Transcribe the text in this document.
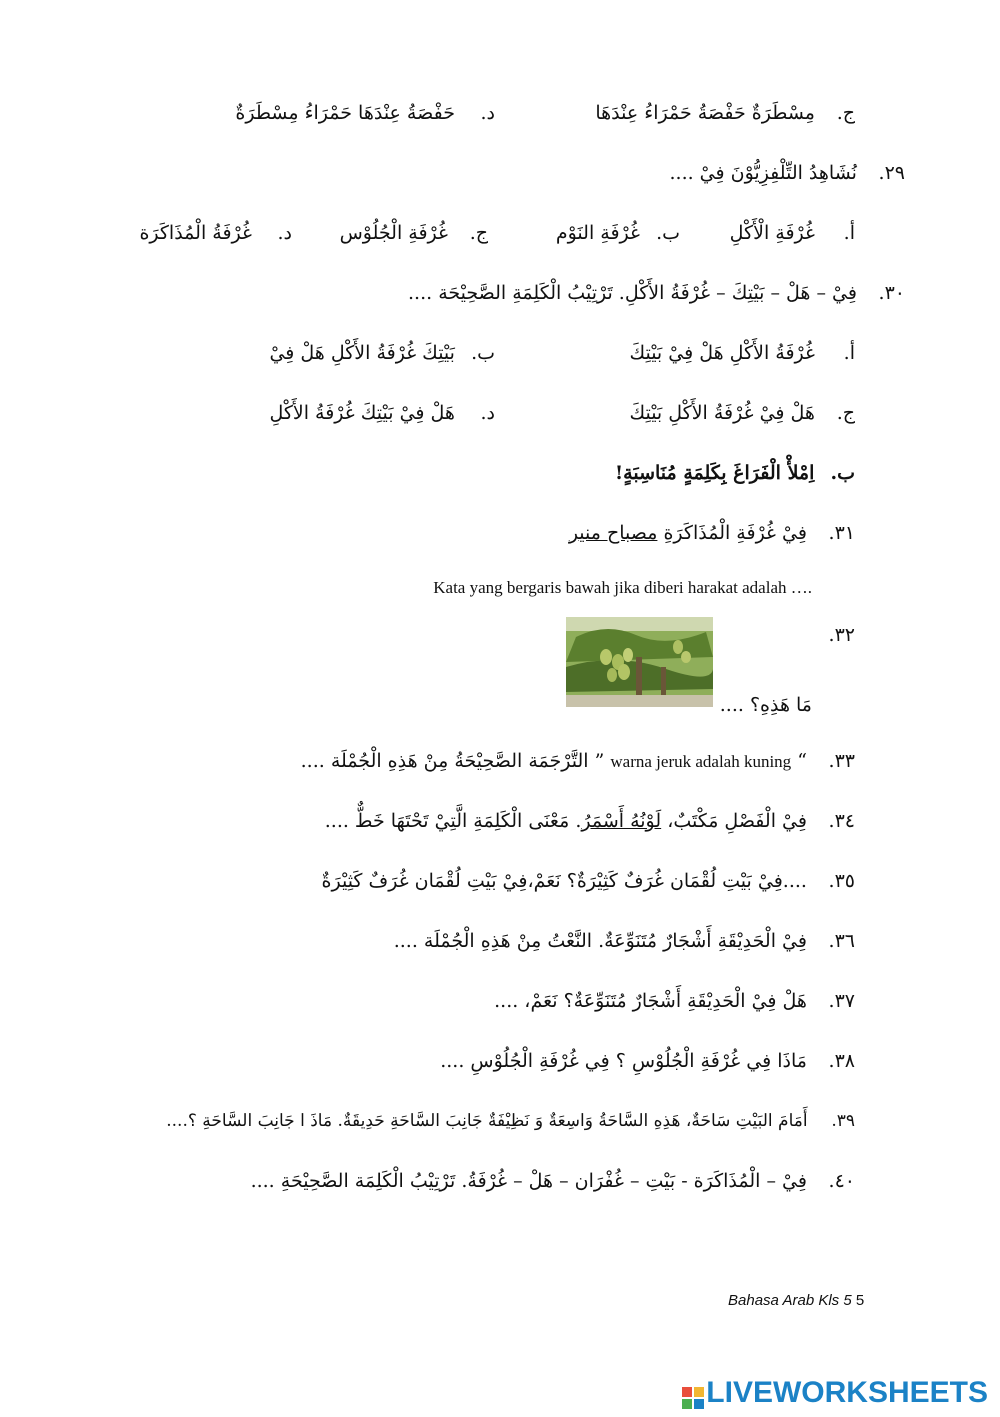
ج. مِسْطَرَةٌ حَفْصَةُ حَمْرَاءُ عِنْدَهَا
د. حَفْصَةُ عِنْدَهَا حَمْرَاءُ مِسْطَرَةٌ
٢٩. نُشَاهِدُ التِّلْفِزِيُّوْنَ فِيْ ....
أ. غُرْفَةِ الْأَكْلِ
ب. غُرْفَةِ النَوْم
ج. غُرْفَةِ الْجُلُوْس
د. غُرْفَةُ الْمُذَاكَرَة
٣٠. فِيْ – هَلْ – بَيْتِكَ – غُرْفَةُ الأَكْلِ. تَرْتِيْبُ الْكَلِمَةِ الصَّحِيْحَة ....
أ. غُرْفَةُ الأَكْلِ هَلْ فِيْ بَيْتِكَ
ب. بَيْتِكَ غُرْفَةُ الأَكْلِ هَلْ فِيْ
ج. هَلْ فِيْ غُرْفَةُ الأَكْلِ بَيْتِكَ
د. هَلْ فِيْ بَيْتِكَ غُرْفَةُ الأَكْلِ
ب. اِمْلأْ الْفَرَاغَ بِكَلِمَةٍ مُنَاسِبَةٍ!
٣١. فِيْ غُرْفَةِ الْمُذَاكَرَةِ مصباح منير
Kata yang bergaris bawah jika diberi harakat adalah ….
٣٢.
مَا هَذِهِ؟ ....
٣٣. “ warna jeruk adalah kuning ” التَّرْجَمَة الصَّحِيْحَةُ مِنْ هَذِهِ الْجُمْلَة ....
٣٤. فِيْ الْفَصْلِ مَكْتَبٌ، لَوْنُهُ أَسْمَرُ. مَعْنَى الْكَلِمَةِ الَّتِيْ تَحْتَهَا خَطٌّ ....
٣٥. ....فِيْ بَيْتِ لُقْمَان غُرَفٌ كَثِيْرَةٌ؟ نَعَمْ،فِيْ بَيْتِ لُقْمَان غُرَفٌ كَثِيْرَةٌ
٣٦. فِيْ الْحَدِيْقَةِ أَشْجَارٌ مُتَنَوِّعَةٌ. النَّعْتُ مِنْ هَذِهِ الْجُمْلَة ....
٣٧. هَلْ فِيْ الْحَدِيْقَةِ أَشْجَارٌ مُتَنَوِّعَةٌ؟ نَعَمْ، ....
٣٨. مَاذَا فِي غُرْفَةِ الْجُلُوْسِ ؟ فِي غُرْفَةِ الْجُلُوْسِ ....
٣٩. أَمَامَ البَيْتِ سَاحَةٌ، هَذِهِ السَّاحَةُ وَاسِعَةٌ وَ نَظِيْفَةٌ جَانِبَ السَّاحَةِ حَدِيقَةٌ. مَاذَ ا جَانِبَ السَّاحَةِ ؟....
٤٠. فِيْ – الْمُذَاكَرَة - بَيْتِ – غُفْرَان – هَلْ – غُرْفَةُ. تَرْتِيْبُ الْكَلِمَة الصَّحِيْحَةِ ....
Bahasa Arab Kls 5 5
LIVEWORKSHEETS
